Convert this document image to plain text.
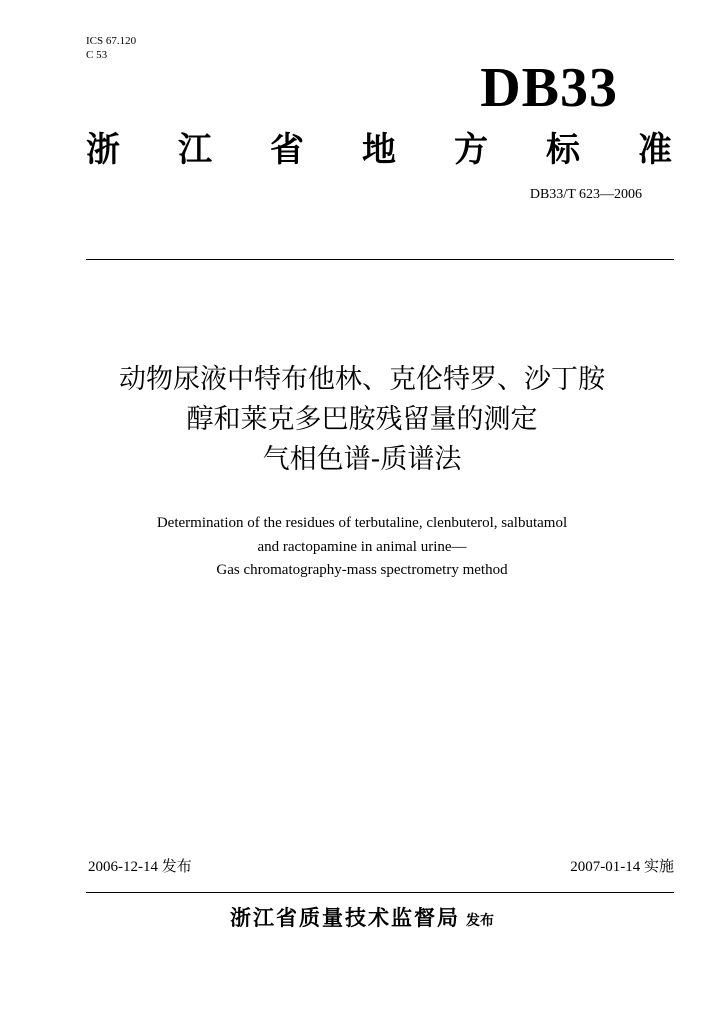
ICS 67.120
C 53
DB33
浙 江 省 地 方 标 准
DB33/T 623—2006
动物尿液中特布他林、克伦特罗、沙丁胺
醇和莱克多巴胺残留量的测定
气相色谱-质谱法
Determination of the residues of terbutaline, clenbuterol, salbutamol
and ractopamine in animal urine—
Gas chromatography-mass spectrometry method
2006-12-14 发布	2007-01-14 实施
浙江省质量技术监督局 发布
